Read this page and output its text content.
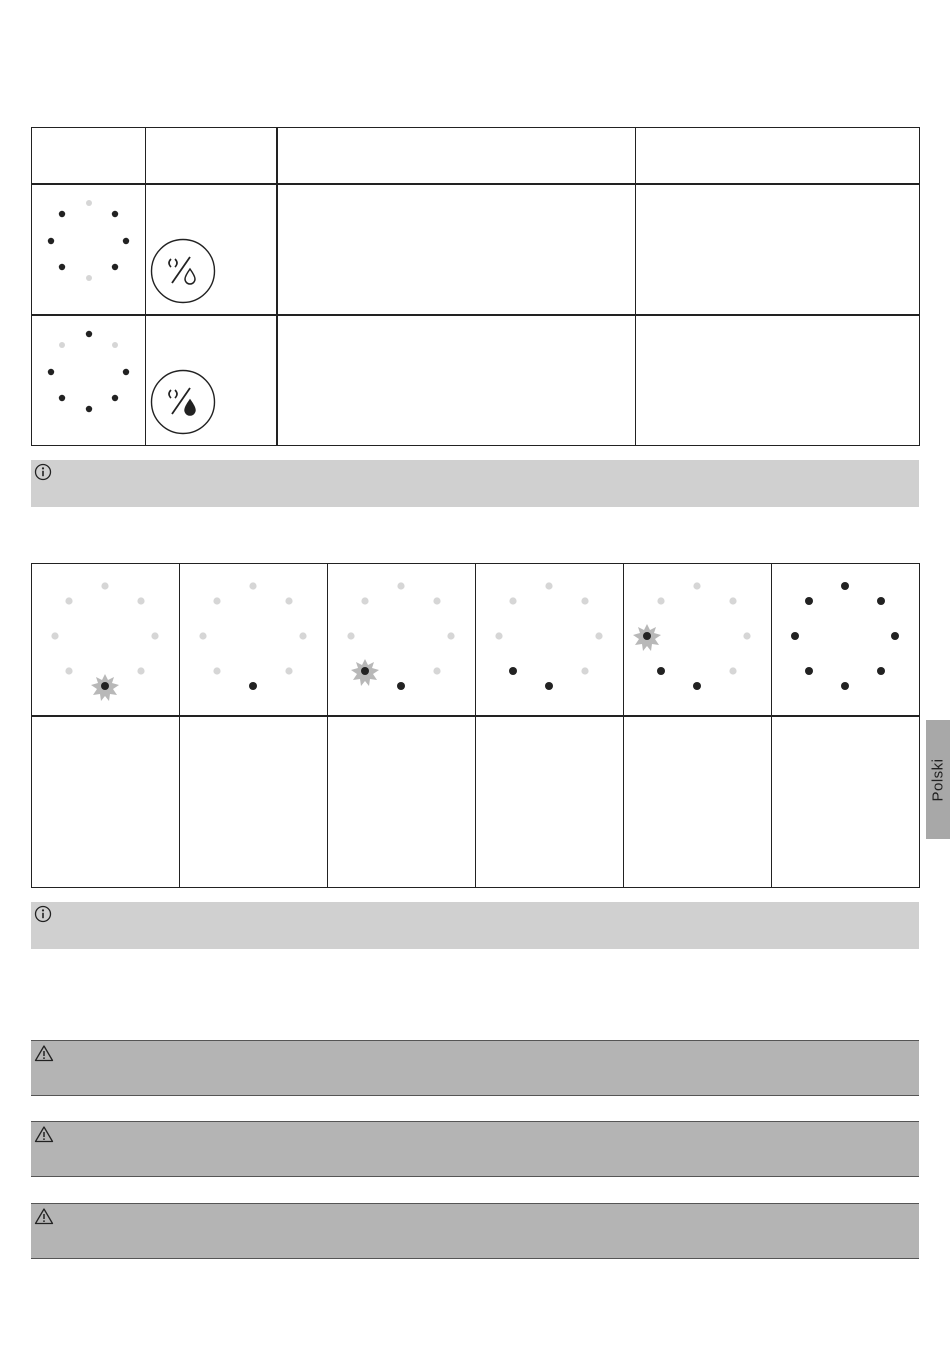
Polski
